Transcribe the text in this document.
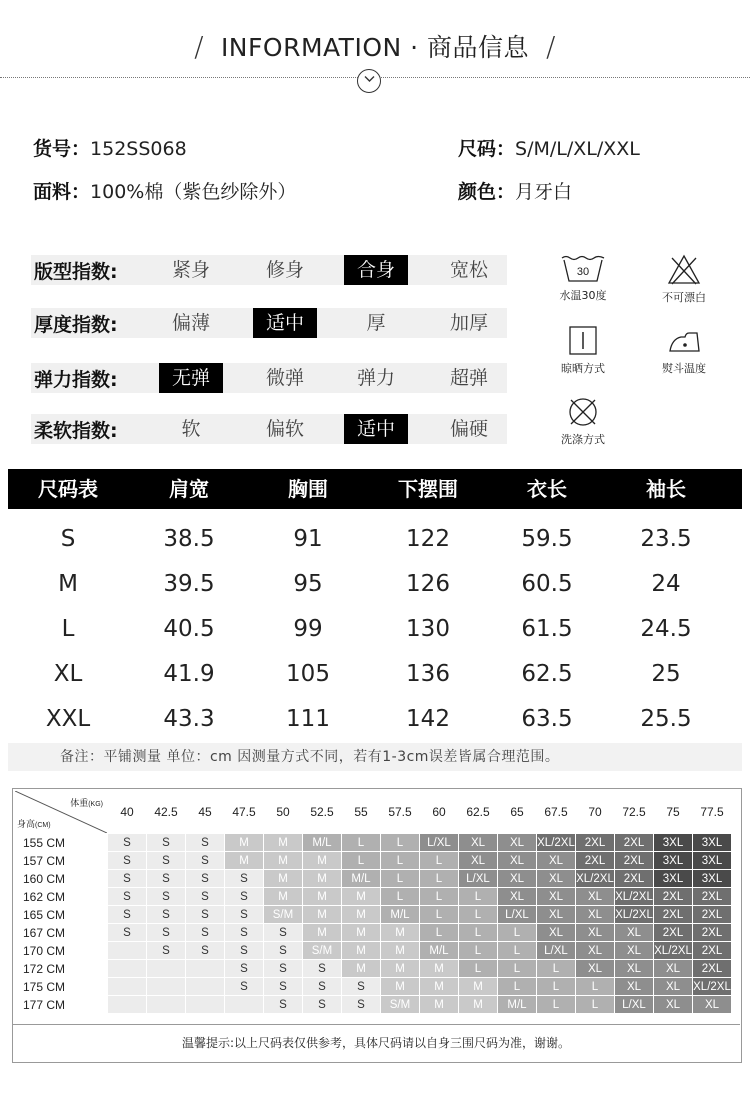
/ INFORMATION · 商品信息 /
货号：152SS068	尺码：S/M/L/XL/XXL
面料：100%棉（紫色纱除外）	颜色：月牙白
版型指数:	紧身	修身	合身	宽松
厚度指数:	偏薄	适中	厚	加厚
弹力指数:	无弹	微弹	弹力	超弹
柔软指数:	软	偏软	适中	偏硬
30
水温30度	不可漂白
晾晒方式	熨斗温度
洗涤方式
尺码表	肩宽	胸围	下摆围	衣长	袖长
S	38.5	91	122	59.5	23.5
M	39.5	95	126	60.5	24
L	40.5	99	130	61.5	24.5
XL	41.9	105	136	62.5	25
XXL	43.3	111	142	63.5	25.5
备注：平铺测量 单位：cm 因测量方式不同，若有1-3cm误差皆属合理范围。
体重(KG)
身高(CM)	40	42.5	45	47.5	50	52.5	55	57.5	60	62.5	65	67.5	70	72.5	75	77.5
155 CM	S	S	S	M	M	M/L	L	L	L/XL	XL	XL	XL/2XL	2XL	2XL	3XL	3XL
157 CM	S	S	S	M	M	M	L	L	L	XL	XL	XL	2XL	2XL	3XL	3XL
160 CM	S	S	S	S	M	M	M/L	L	L	L/XL	XL	XL	XL/2XL	2XL	3XL	3XL
162 CM	S	S	S	S	M	M	M	L	L	L	XL	XL	XL	XL/2XL	2XL	2XL
165 CM	S	S	S	S	S/M	M	M	M/L	L	L	L/XL	XL	XL	XL/2XL	2XL	2XL
167 CM	S	S	S	S	S	M	M	M	L	L	L	XL	XL	XL	2XL	2XL
170 CM		S	S	S	S	S/M	M	M	M/L	L	L	L/XL	XL	XL	XL/2XL	2XL
172 CM				S	S	S	M	M	M	L	L	L	XL	XL	XL	2XL
175 CM				S	S	S	S	M	M	M	L	L	L	XL	XL	XL/2XL
177 CM					S	S	S	S/M	M	M	M/L	L	L	L/XL	XL	XL
温馨提示:以上尺码表仅供参考，具体尺码请以自身三围尺码为准，谢谢。
